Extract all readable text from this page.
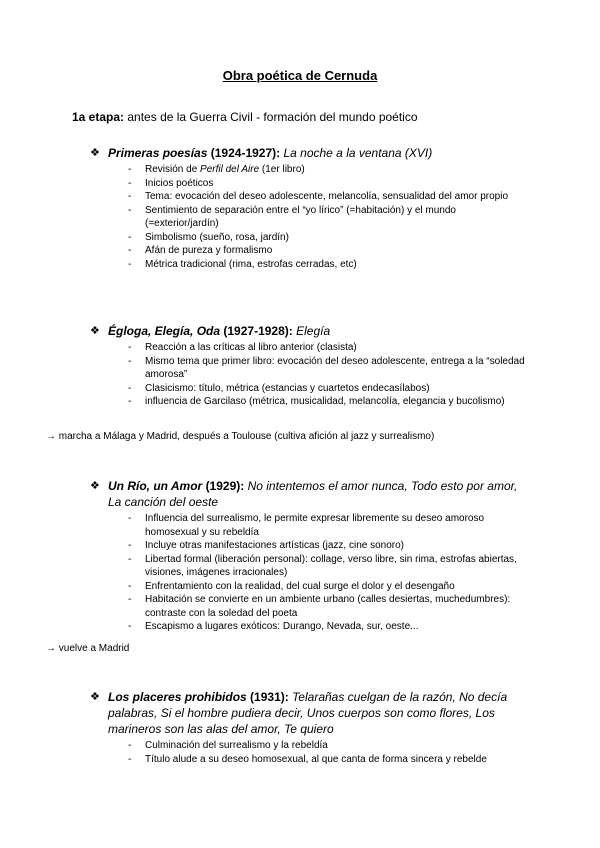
Obra poética de Cernuda
1a etapa: antes de la Guerra Civil - formación del mundo poético
❖ Primeras poesías (1924-1927): La noche a la ventana (XVI)
- Revisión de Perfil del Aire (1er libro)
- Inicios poéticos
- Tema: evocación del deseo adolescente, melancolía, sensualidad del amor propio
- Sentimiento de separación entre el “yo lírico” (=habitación) y el mundo (=exterior/jardín)
- Simbolismo (sueño, rosa, jardín)
- Afán de pureza y formalismo
- Métrica tradicional (rima, estrofas cerradas, etc)
❖ Égloga, Elegía, Oda (1927-1928): Elegía
- Reacción a las críticas al libro anterior (clasista)
- Mismo tema que primer libro: evocación del deseo adolescente, entrega a la “soledad amorosa”
- Clasicismo: título, métrica (estancias y cuartetos endecasílabos)
- influencia de Garcilaso (métrica, musicalidad, melancolía, elegancia y bucolismo)
→ marcha a Málaga y Madrid, después a Toulouse (cultiva afición al jazz y surrealismo)
❖ Un Río, un Amor (1929): No intentemos el amor nunca, Todo esto por amor, La canción del oeste
- Influencia del surrealismo, le permite expresar libremente su deseo amoroso homosexual y su rebeldía
- Incluye otras manifestaciones artísticas (jazz, cine sonoro)
- Libertad formal (liberación personal): collage, verso libre, sin rima, estrofas abiertas, visiones, imágenes irracionales)
- Enfrentamiento con la realidad, del cual surge el dolor y el desengaño
- Habitación se convierte en un ambiente urbano (calles desiertas, muchedumbres): contraste con la soledad del poeta
- Escapismo a lugares exóticos: Durango, Nevada, sur, oeste...
→ vuelve a Madrid
❖ Los placeres prohibidos (1931): Telarañas cuelgan de la razón, No decía palabras, Si el hombre pudiera decir, Unos cuerpos son como flores, Los marineros son las alas del amor, Te quiero
- Culminación del surrealismo y la rebeldía
- Título alude a su deseo homosexual, al que canta de forma sincera y rebelde
